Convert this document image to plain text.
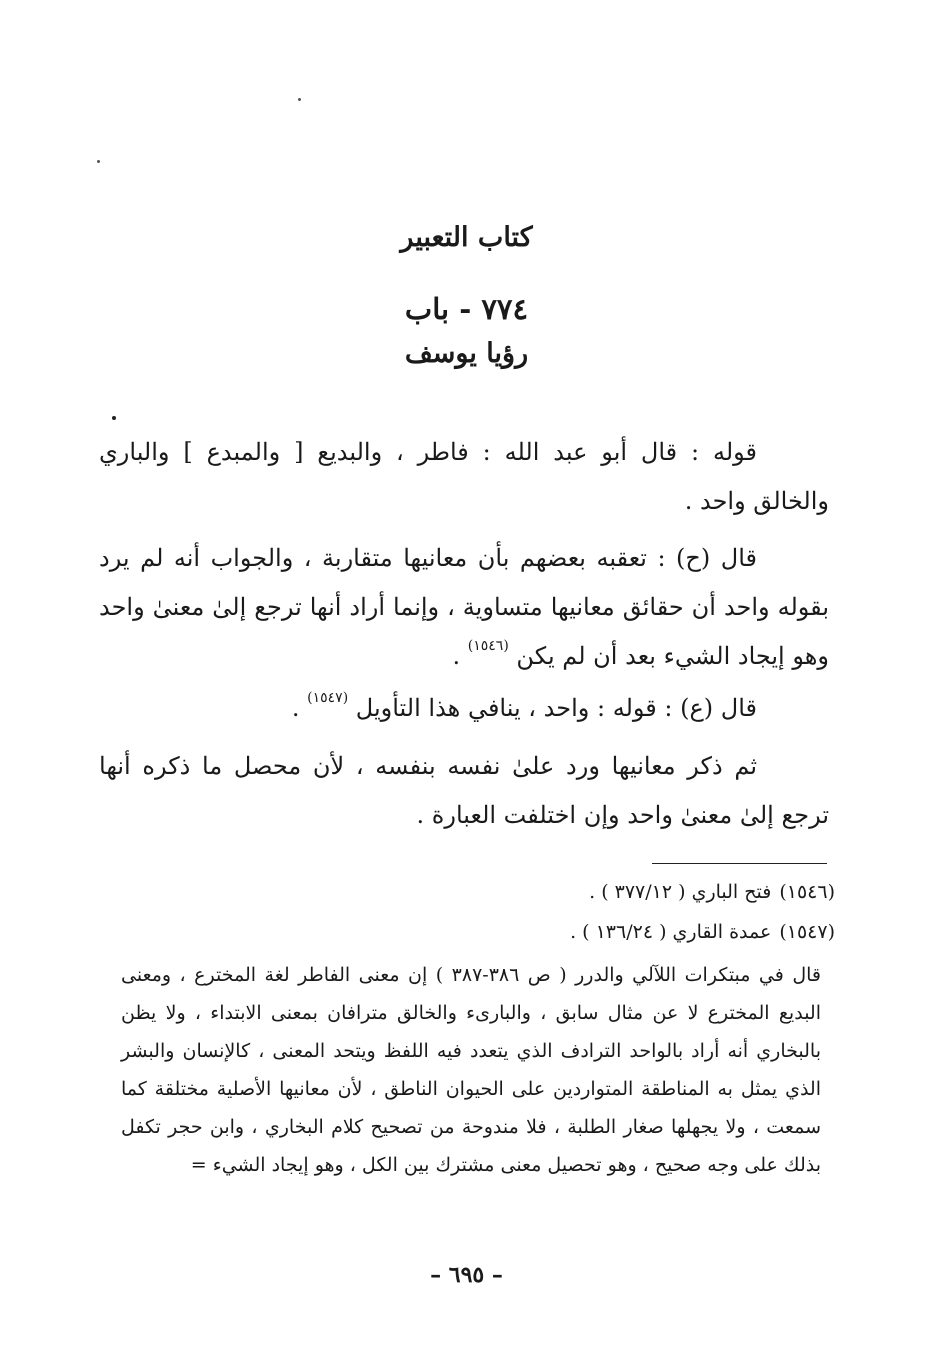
كتاب التعبير
٧٧٤ - باب
رؤيا يوسف

قوله : قال أبو عبد الله : فاطر ، والبديع [ والمبدع ] والباري والخالق واحد .

قال (ح) : تعقبه بعضهم بأن معانيها متقاربة ، والجواب أنه لم يرد بقوله واحد أن حقائق معانيها متساوية ، وإنما أراد أنها ترجع إلىٰ معنىٰ واحد وهو إيجاد الشيء بعد أن لم يكن $^{(١٥٤٦)}$ .

قال (ع) : قوله : واحد ، ينافي هذا التأويل $^{(١٥٤٧)}$ .

ثم ذكر معانيها ورد علىٰ نفسه بنفسه ، لأن محصل ما ذكره أنها ترجع إلىٰ معنىٰ واحد وإن اختلفت العبارة .

(١٥٤٦)فتح الباري ( ٣٧٧/١٢ ) .
(١٥٤٧)عمدة القاري ( ١٣٦/٢٤ ) .

قال في مبتكرات اللآلي والدرر ( ص ٣٨٦-٣٨٧ ) إن معنى الفاطر لغة المخترع ، ومعنى البديع المخترع لا عن مثال سابق ، والبارىء والخالق مترافان بمعنى الابتداء ، ولا يظن بالبخاري أنه أراد بالواحد الترادف الذي يتعدد فيه اللفظ ويتحد المعنى ، كالإنسان والبشر الذي يمثل به المناطقة المتواردين على الحيوان الناطق ، لأن معانيها الأصلية مختلقة كما سمعت ، ولا يجهلها صغار الطلبة ، فلا مندوحة من تصحيح كلام البخاري ، وابن حجر تكفل بذلك على وجه صحيح ، وهو تحصيل معنى مشترك بين الكل ، وهو إيجاد الشيء =

– ٦٩٥ –
